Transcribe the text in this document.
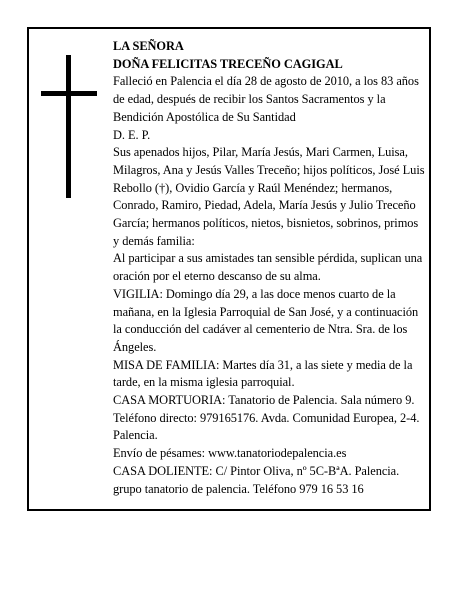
LA SEÑORA

DOÑA FELICITAS TRECEÑO CAGIGAL

Falleció en Palencia el día 28 de agosto de 2010, a los 83 años de edad, después de recibir los Santos Sacramentos y la Bendición Apostólica de Su Santidad

D. E. P.

Sus apenados hijos, Pilar, María Jesús, Mari Carmen, Luisa, Milagros, Ana y Jesús Valles Treceño; hijos políticos, José Luis Rebollo (†), Ovidio García y Raúl Menéndez; hermanos, Conrado, Ramiro, Piedad, Adela, María Jesús y Julio Treceño García; hermanos políticos, nietos, bisnietos, sobrinos, primos y demás familia:

Al participar a sus amistades tan sensible pérdida, suplican una oración por el eterno descanso de su alma.

VIGILIA: Domingo día 29, a las doce menos cuarto de la mañana, en la Iglesia Parroquial de San José, y a continuación la conducción del cadáver al cementerio de Ntra. Sra. de los Ángeles.

MISA DE FAMILIA: Martes día 31, a las siete y media de la tarde, en la misma iglesia parroquial.

CASA MORTUORIA: Tanatorio de Palencia. Sala número 9. Teléfono directo: 979165176. Avda. Comunidad Europea, 2-4. Palencia.

Envío de pésames: www.tanatoriodepalencia.es

CASA DOLIENTE: C/ Pintor Oliva, nº 5C-BªA. Palencia.

grupo tanatorio de palencia. Teléfono 979 16 53 16
